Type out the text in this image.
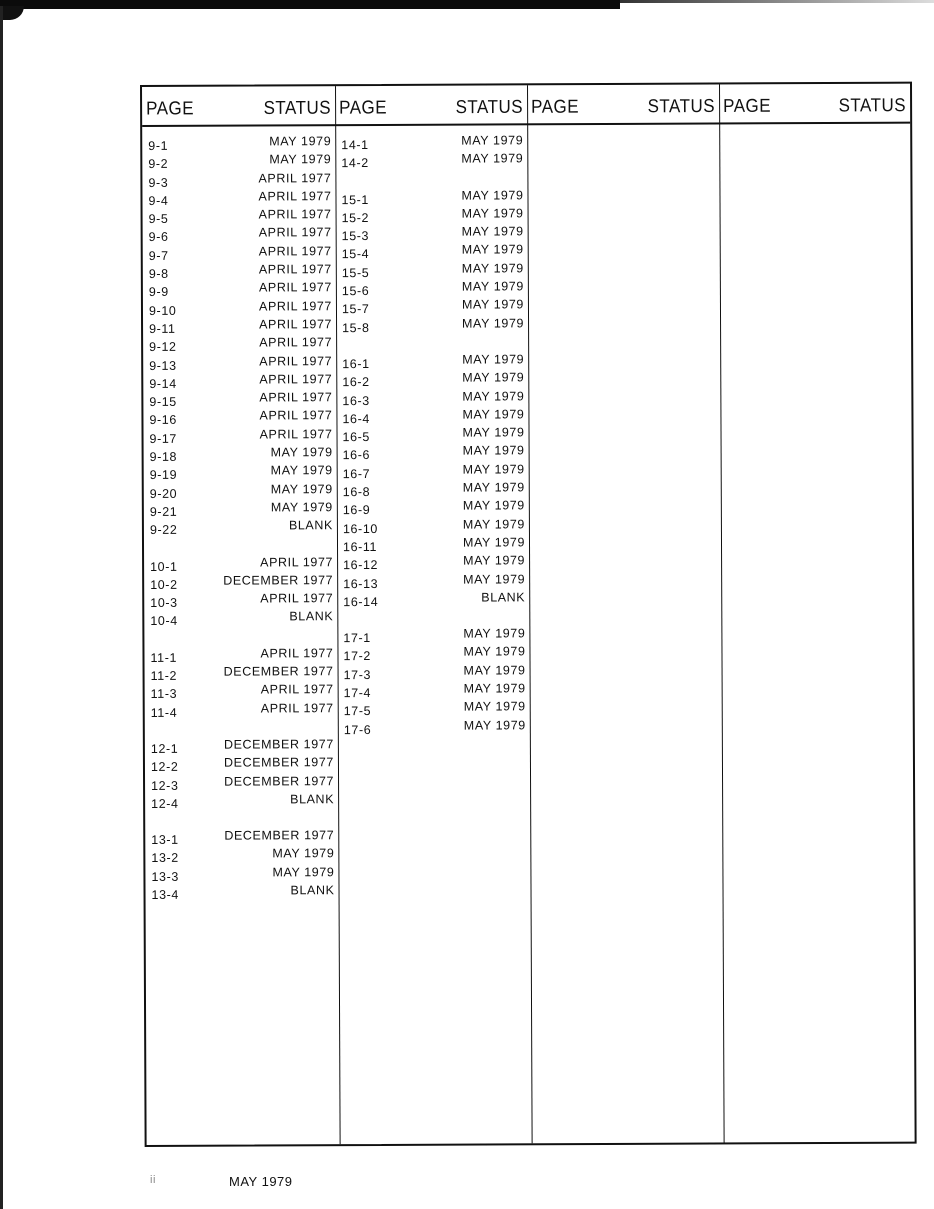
PAGE	STATUS
9-1	MAY 1979
9-2	MAY 1979
9-3	APRIL 1977
9-4	APRIL 1977
9-5	APRIL 1977
9-6	APRIL 1977
9-7	APRIL 1977
9-8	APRIL 1977
9-9	APRIL 1977
9-10	APRIL 1977
9-11	APRIL 1977
9-12	APRIL 1977
9-13	APRIL 1977
9-14	APRIL 1977
9-15	APRIL 1977
9-16	APRIL 1977
9-17	APRIL 1977
9-18	MAY 1979
9-19	MAY 1979
9-20	MAY 1979
9-21	MAY 1979
9-22	BLANK
10-1	APRIL 1977
10-2	DECEMBER 1977
10-3	APRIL 1977
10-4	BLANK
11-1	APRIL 1977
11-2	DECEMBER 1977
11-3	APRIL 1977
11-4	APRIL 1977
12-1	DECEMBER 1977
12-2	DECEMBER 1977
12-3	DECEMBER 1977
12-4	BLANK
13-1	DECEMBER 1977
13-2	MAY 1979
13-3	MAY 1979
13-4	BLANK
PAGE	STATUS
14-1	MAY 1979
14-2	MAY 1979
15-1	MAY 1979
15-2	MAY 1979
15-3	MAY 1979
15-4	MAY 1979
15-5	MAY 1979
15-6	MAY 1979
15-7	MAY 1979
15-8	MAY 1979
16-1	MAY 1979
16-2	MAY 1979
16-3	MAY 1979
16-4	MAY 1979
16-5	MAY 1979
16-6	MAY 1979
16-7	MAY 1979
16-8	MAY 1979
16-9	MAY 1979
16-10	MAY 1979
16-11	MAY 1979
16-12	MAY 1979
16-13	MAY 1979
16-14	BLANK
17-1	MAY 1979
17-2	MAY 1979
17-3	MAY 1979
17-4	MAY 1979
17-5	MAY 1979
17-6	MAY 1979
PAGE	STATUS PAGE	STATUS
ii	MAY 1979
